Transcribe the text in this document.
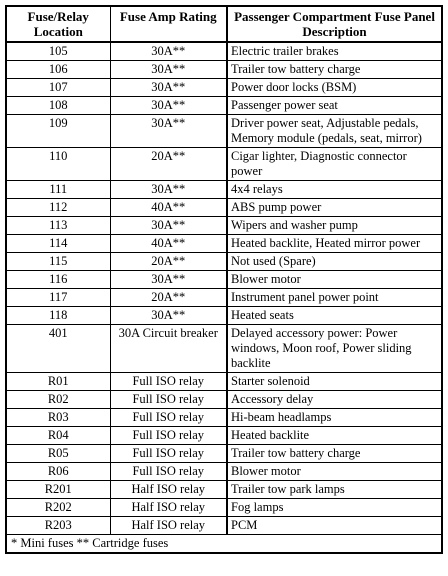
Fuse/Relay Location	Fuse Amp Rating	Passenger Compartment Fuse Panel Description
105	30A**	Electric trailer brakes
106	30A**	Trailer tow battery charge
107	30A**	Power door locks (BSM)
108	30A**	Passenger power seat
109	30A**	Driver power seat, Adjustable pedals, Memory module (pedals, seat, mirror)
110	20A**	Cigar lighter, Diagnostic connector power
111	30A**	4x4 relays
112	40A**	ABS pump power
113	30A**	Wipers and washer pump
114	40A**	Heated backlite, Heated mirror power
115	20A**	Not used (Spare)
116	30A**	Blower motor
117	20A**	Instrument panel power point
118	30A**	Heated seats
401	30A Circuit breaker	Delayed accessory power: Power windows, Moon roof, Power sliding backlite
R01	Full ISO relay	Starter solenoid
R02	Full ISO relay	Accessory delay
R03	Full ISO relay	Hi-beam headlamps
R04	Full ISO relay	Heated backlite
R05	Full ISO relay	Trailer tow battery charge
R06	Full ISO relay	Blower motor
R201	Half ISO relay	Trailer tow park lamps
R202	Half ISO relay	Fog lamps
R203	Half ISO relay	PCM
* Mini fuses ** Cartridge fuses		
